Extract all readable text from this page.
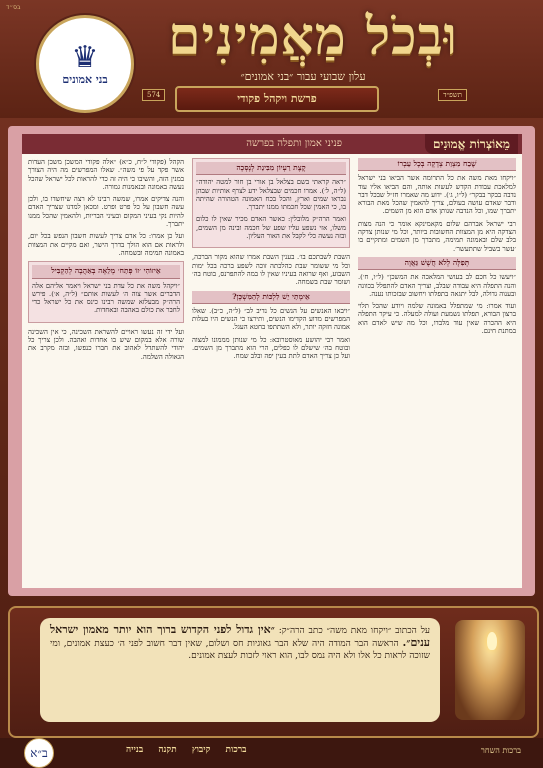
בס״ד	וּבְכֹל מַאֲמִינִים
עלון שבועי עבור ״בני אמונים״
♛
בני אמונים
574	פרשת ויקהל פקודי	תשפ״ד
מֵאוֹצְרוֹת אֱמוּנִים
פניני אמון ותפלה בפרשה
שֶׁבַח מִצְוַת צְדָקָה בְּכָל עֵבְרוֹ

״ויקחו מאת משה את כל התרומה אשר הביאו בני ישראל למלאכת עבודת הקדש לעשות אותה, והם הביאו אליו עוד נדבה בבקר בבקר״ (ל״ו, ג׳). ידוע מה שאמרו חז״ל שבכל דבר ודבר שאדם עושה בעולם, צריך להאמין שהכל מאת הבורא יתברך שמו, וכל הנדבה שנותן אדם הוא מן השמים.

רבי ישראל אברהם שלום מקאמינקא אומר כי הנה מצות הצדקה היא מן המצוות החשובות ביותר, וכל מי שנותן צדקה בלב שלם ובאמונה תמימה, מתברך מן השמים ומתקיים בו ׳עשר בשביל שתתעשר׳.

תְּפִלָּה לְלֹא חֲשָׁשׁ גַּאֲוָה

״ויעשו כל חכם לב בעושי המלאכה את המשכן״ (ל״ו, ח׳). והנה התפלה היא עבודה שבלב, וצריך האדם להתפלל בכוונה ובענוה גדולה, לבל יתגאה בתפלתו ויחשוב שבזכותו נענה.

ועוד אמרו: מי שמתפלל באמונה שלמה ויודע שהכל תלוי ברצון הבורא, תפלתו נשמעת ועולה למעלה. כי עיקר התפלה היא ההכרה שאין עוד מלבדו, וכל מה שיש לאדם הוא במתנת חינם.

קֶצֶת רַעְיוֹן מִבִּינַת לְנָסְכָה

״ראה קראתי בשם בצלאל בן אורי בן חור למטה יהודה״ (ל״ה, ל׳). אמרו חכמים שבצלאל ידע לצרף אותיות שבהן נבראו שמים וארץ, והכל בכח האמונה הטהורה שהיתה בו, כי האמין שכל חכמתו ממנו יתברך.

ואמר הרה״ק מלובלין: כאשר האדם מכיר שאין לו כלום משלו, אזי נשפע עליו שפע של חכמה ובינה מן השמים, ובזה נעשה כלי לקבל את האור העליון.

השבת לשבתכם בו׳. בענין השבת אמרו שהוא מקור הברכה, וכל מי ששומר שבת כהלכתה זוכה לשפע ברכה בכל ימות השבוע, ואף שרואה בעיניו שאין לו במה להתפרנס, בוטח בה׳ ושומר שבת בשמחה.

אֵימָתַי יֵשׁ לִלְכּוֹת לְהַמִּשְׁכָּן?

״ויבאו האנשים על הנשים כל נדיב לב״ (ל״ה, כ״ב). שאלו המפרשים מדוע הקדימו הנשים, ותירצו כי הנשים היו בעלות אמונה חזקה יותר, ולא השתתפו בחטא העגל.

ואמר רבי יהושע מאוסטרובא: כל מי שנותן מממונו למצוה ובוטח בה׳ שישלם לו כפלים, הרי הוא מתברך מן השמים. ועל כן צריך האדם לתת בעין יפה ובלב שמח.

הקהל (פקודי ל״ח, כ״א) ״אלה פקודי המשכן משכן העדות אשר פקד על פי משה״. שאלו המפרשים מה היה הצורך במנין הזה, והשיבו כי היה זה כדי להראות לכל ישראל שהכל נעשה באמונה ובנאמנות גמורה.

והנה צדיקים אמרו, שמשה רבינו לא רצה שיחשדו בו, ולכן עשה חשבון על כל פרט ופרט. ומכאן למדנו שצריך האדם להיות נקי בעיני המקום ובעיני הבריות, ולהאמין שהכל ממנו יתברך.

ועל כן אמרו: כל אדם צריך לעשות חשבון הנפש בכל יום, ולראות אם הוא הולך בדרך הישר, ואם מקיים את המצוות באמונה תמימה ובשמחה.

אֵיזוֹהִי ׳זוֹ פְּתַח׳ מְלֵאָה בְּאַהֲבָה לְהַקְבִּיל

״ויקהל משה את כל עדת בני ישראל ויאמר אליהם אלה הדברים אשר צוה ה׳ לעשות אותם״ (ל״ה, א׳). פירש הרה״ק מבעלזא שמשה רבינו כינס את כל ישראל כדי לחבר את כולם באהבה ובאחדות.

ועל ידי זה נעשו ראויים להשראת השכינה, כי אין השכינה שורה אלא במקום שיש בו אחדות ואהבה. ולכן צריך כל יהודי להשתדל לאהוב את חברו כנפשו, ובזה מקרב את הגאולה השלמה.

על הכתוב ״ויקחו מאת משה״ כתב הרה״ק: ״אין גדול לפני הקדוש ברוך הוא יותר מאמון ישראל ענים״. הראשה הבר המודה היה שלא הבר גאוגיות חס ושלום, שאין דבר חשוב לפני ה׳ כעצת אמונים, ומי שזוכה לראות כל אלו ולא היה נמס לבו, הוא ראוי לזכות לעצת אמונים.
ברכות השחר
ברכות קיבוץ תקנה בנייה
ב״א
